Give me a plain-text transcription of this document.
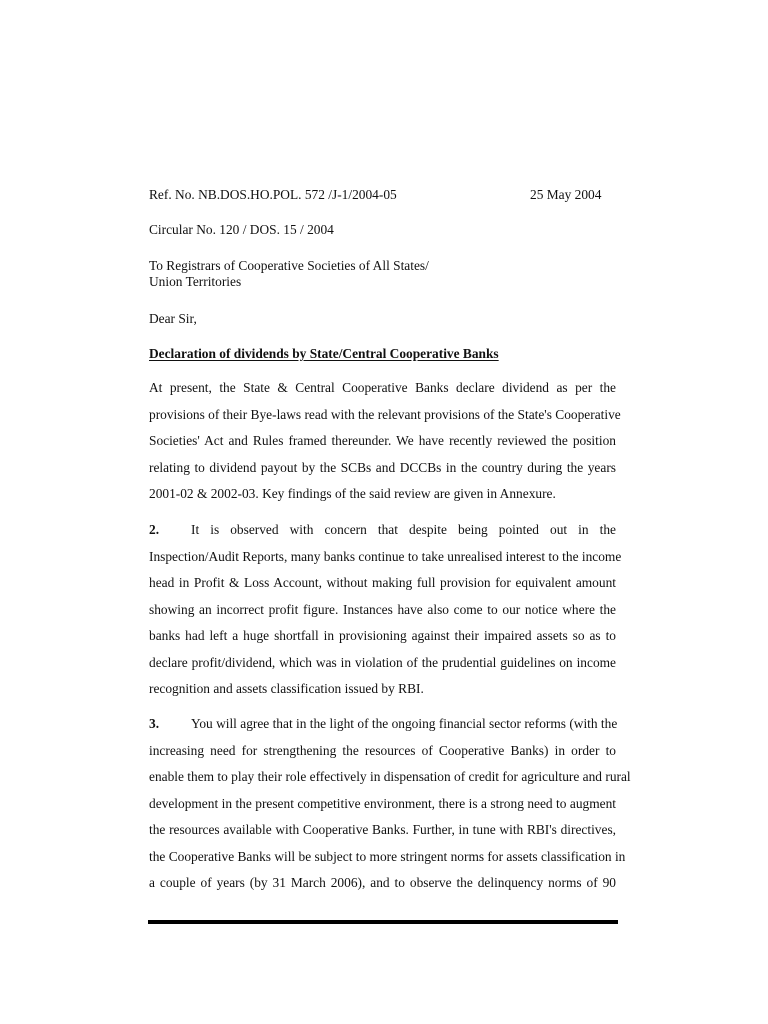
Ref. No. NB.DOS.HO.POL. 572 /J-1/2004-05	25 May 2004
Circular No. 120 / DOS. 15 / 2004
To Registrars of Cooperative Societies of All States/
Union Territories
Dear Sir,
Declaration of dividends by State/Central Cooperative Banks
At present, the State & Central Cooperative Banks declare dividend as per the
provisions of their Bye-laws read with the relevant provisions of the State's Cooperative
Societies' Act and Rules framed thereunder. We have recently reviewed the position
relating to dividend payout by the SCBs and DCCBs in the country during the years
2001-02 & 2002-03. Key findings of the said review are given in Annexure.
2. It is observed with concern that despite being pointed out in the
Inspection/Audit Reports, many banks continue to take unrealised interest to the income
head in Profit & Loss Account, without making full provision for equivalent amount
showing an incorrect profit figure. Instances have also come to our notice where the
banks had left a huge shortfall in provisioning against their impaired assets so as to
declare profit/dividend, which was in violation of the prudential guidelines on income
recognition and assets classification issued by RBI.
3. You will agree that in the light of the ongoing financial sector reforms (with the
increasing need for strengthening the resources of Cooperative Banks) in order to
enable them to play their role effectively in dispensation of credit for agriculture and rural
development in the present competitive environment, there is a strong need to augment
the resources available with Cooperative Banks. Further, in tune with RBI's directives,
the Cooperative Banks will be subject to more stringent norms for assets classification in
a couple of years (by 31 March 2006), and to observe the delinquency norms of 90
